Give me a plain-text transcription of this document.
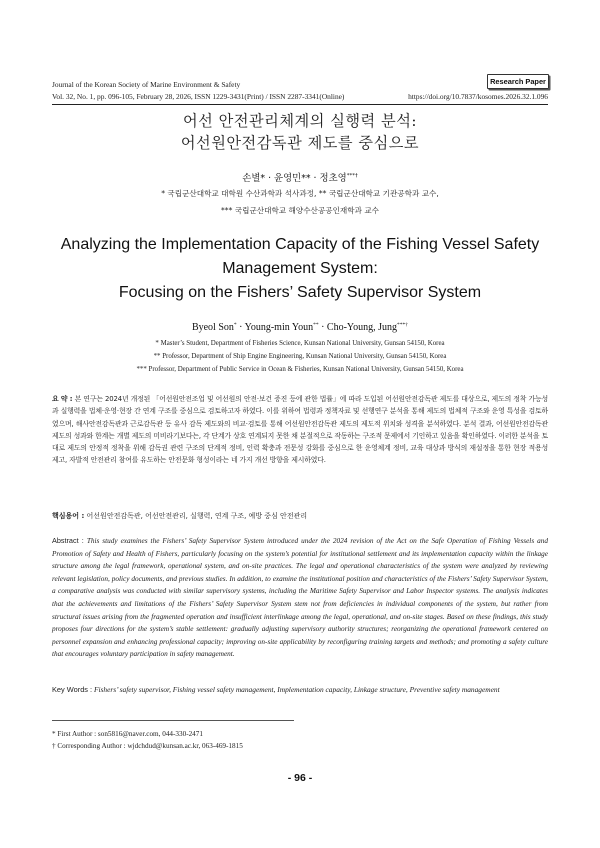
Journal of the Korean Society of Marine Environment & Safety	Research Paper
Vol. 32, No. 1, pp. 096-105, February 28, 2026, ISSN 1229-3431(Print) / ISSN 2287-3341(Online)	https://doi.org/10.7837/kosomes.2026.32.1.096
어선 안전관리체계의 실행력 분석:
어선원안전감독관 제도를 중심으로
손별* · 윤영민** · 정초영***†
* 국립군산대학교 대학원 수산과학과 석사과정, ** 국립군산대학교 기관공학과 교수,
*** 국립군산대학교 해양수산공공인재학과 교수
Analyzing the Implementation Capacity of the Fishing Vessel Safety
Management System:
Focusing on the Fishers’ Safety Supervisor System
Byeol Son* · Young-min Youn** · Cho-Young, Jung***†
* Master’s Student, Department of Fisheries Science, Kunsan National University, Gunsan 54150, Korea
** Professor, Department of Ship Engine Engineering, Kunsan National University, Gunsan 54150, Korea
*** Professor, Department of Public Service in Ocean & Fisheries, Kunsan National University, Gunsan 54150, Korea
요 약 : 본 연구는 2024년 개정된 「어선원안전조업 및 어선원의 안전·보건 증진 등에 관한 법률」에 따라 도입된 어선원안전감독관 제도를 대상으로, 제도의 정착 가능성과 실행력을 법체·운영·현장 간 연계 구조를 중심으로 검토하고자 하였다. 이를 위하여 법령과 정책자료 및 선행연구 분석을 통해 제도의 법체적 구조와 운영 특성을 검토하였으며, 해사안전감독관과 근로감독관 등 유사 감독 제도와의 비교·검토를 통해 어선원안전감독관 제도의 제도적 위치와 성격을 분석하였다. 분석 결과, 어선원안전감독관 제도의 성과와 한계는 개별 제도의 미비라기보다는, 각 단계가 상호 연계되지 못한 채 분절적으로 작동하는 구조적 문제에서 기인하고 있음을 확인하였다. 이러한 분석을 토대로 제도의 안정적 정착을 위해 감독권 관련 구조의 단계적 정비, 인력 확충과 전문성 강화를 중심으로 한 운영체계 정비, 교육 대상과 방식의 재설정을 통한 현장 적용성 제고, 자발적 안전관리 참여를 유도하는 안전문화 형성이라는 네 가지 개선 방향을 제시하였다.
핵심용어 : 어선원안전감독관, 어선안전관리, 실행력, 연계 구조, 예방 중심 안전관리
Abstract : This study examines the Fishers’ Safety Supervisor System introduced under the 2024 revision of the Act on the Safe Operation of Fishing Vessels and Promotion of Safety and Health of Fishers, particularly focusing on the system’s potential for institutional settlement and its implementation capacity within the linkage structure among the legal framework, operational system, and on-site practices. The legal and operational characteristics of the system were analyzed by reviewing relevant legislation, policy documents, and previous studies. In addition, to examine the institutional position and characteristics of the Fishers’ Safety Supervisor System, a comparative analysis was conducted with similar supervisory systems, including the Maritime Safety Supervisor and Labor Inspector systems. The analysis indicates that the achievements and limitations of the Fishers’ Safety Supervisor System stem not from deficiencies in individual components of the system, but rather from structural issues arising from the fragmented operation and insufficient interlinkage among the legal, operational, and on-site stages. Based on these findings, this study proposes four directions for the system’s stable settlement: gradually adjusting supervisory authority structures; reorganizing the operational framework centered on personnel expansion and enhancing professional capacity; improving on-site applicability by reconfiguring training targets and methods; and promoting a safety culture that encourages voluntary participation in safety management.
Key Words : Fishers’ safety supervisor, Fishing vessel safety management, Implementation capacity, Linkage structure, Preventive safety management
* First Author : son5816@naver.com, 044-330-2471
† Corresponding Author : wjdchdud@kunsan.ac.kr, 063-469-1815
- 96 -
